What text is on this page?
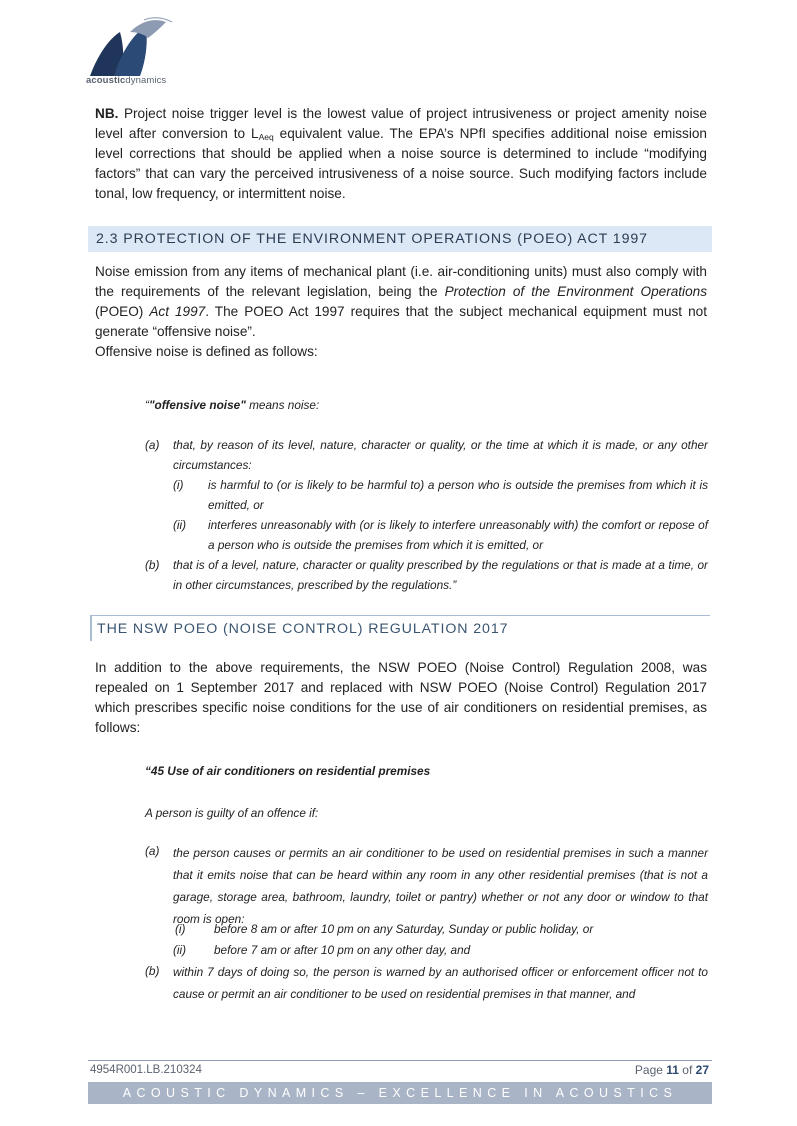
acousticdynamics

NB. Project noise trigger level is the lowest value of project intrusiveness or project amenity noise level after conversion to $L_{Aeq}$ equivalent value. The EPA’s NPfI specifies additional noise emission level corrections that should be applied when a noise source is determined to include “modifying factors” that can vary the perceived intrusiveness of a noise source. Such modifying factors include tonal, low frequency, or intermittent noise.

2.3 PROTECTION OF THE ENVIRONMENT OPERATIONS (POEO) ACT 1997

Noise emission from any items of mechanical plant (i.e. air-conditioning units) must also comply with the requirements of the relevant legislation, being the Protection of the Environment Operations (POEO) Act 1997. The POEO Act 1997 requires that the subject mechanical equipment must not generate “offensive noise”.

Offensive noise is defined as follows:

“"offensive noise" means noise:
(a) that, by reason of its level, nature, character or quality, or the time at which it is made, or any other circumstances:
(i) is harmful to (or is likely to be harmful to) a person who is outside the premises from which it is emitted, or
(ii) interferes unreasonably with (or is likely to interfere unreasonably with) the comfort or repose of a person who is outside the premises from which it is emitted, or
(b) that is of a level, nature, character or quality prescribed by the regulations or that is made at a time, or in other circumstances, prescribed by the regulations.”
THE NSW POEO (NOISE CONTROL) REGULATION 2017

In addition to the above requirements, the NSW POEO (Noise Control) Regulation 2008, was repealed on 1 September 2017 and replaced with NSW POEO (Noise Control) Regulation 2017 which prescribes specific noise conditions for the use of air conditioners on residential premises, as follows:

“45 Use of air conditioners on residential premises
A person is guilty of an offence if:
(a) the person causes or permits an air conditioner to be used on residential premises in such a manner that it emits noise that can be heard within any room in any other residential premises (that is not a garage, storage area, bathroom, laundry, toilet or pantry) whether or not any door or window to that room is open:
(i) before 8 am or after 10 pm on any Saturday, Sunday or public holiday, or
(ii) before 7 am or after 10 pm on any other day, and
(b) within 7 days of doing so, the person is warned by an authorised officer or enforcement officer not to cause or permit an air conditioner to be used on residential premises in that manner, and
4954R001.LB.210324	Page 11 of 27
ACOUSTIC DYNAMICS – EXCELLENCE IN ACOUSTICS
